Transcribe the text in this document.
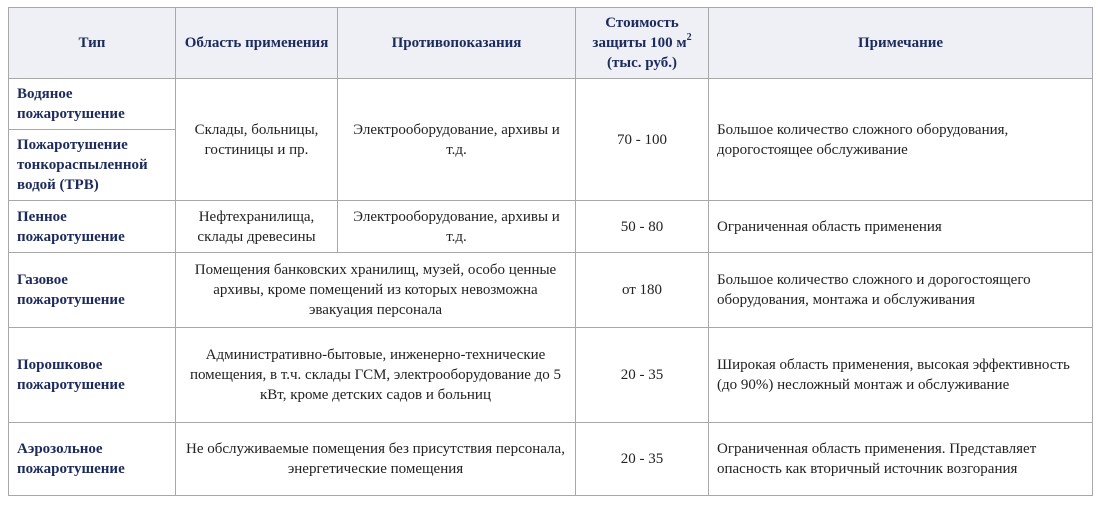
Тип	Область применения	Противопоказания	Стоимость
защиты 100 $м^2$
(тыс. руб.)	Примечание
Водяное пожаротушение	Склады, больницы, гостиницы и пр.	Электрооборудование, архивы и т.д.	70 - 100	Большое количество сложного оборудования, дорогостоящее обслуживание
Пожаротушение тонкораспыленной водой (ТРВ)				
Пенное пожаротушение	Нефтехранилища, склады древесины	Электрооборудование, архивы и т.д.	50 - 80	Ограниченная область применения
Газовое пожаротушение	Помещения банковских хранилищ, музей, особо ценные архивы, кроме помещений из которых невозможна эвакуация персонала		от 180	Большое количество сложного и дорогостоящего оборудования, монтажа и обслуживания
Порошковое пожаротушение	Административно-бытовые, инженерно-технические помещения, в т.ч. склады ГСМ, электрооборудование до 5 кВт, кроме детских садов и больниц		20 - 35	Широкая область применения, высокая эффективность (до 90%) несложный монтаж и обслуживание
Аэрозольное пожаротушение	Не обслуживаемые помещения без присутствия персонала, энергетические помещения		20 - 35	Ограниченная область применения. Представляет опасность как вторичный источник возгорания
